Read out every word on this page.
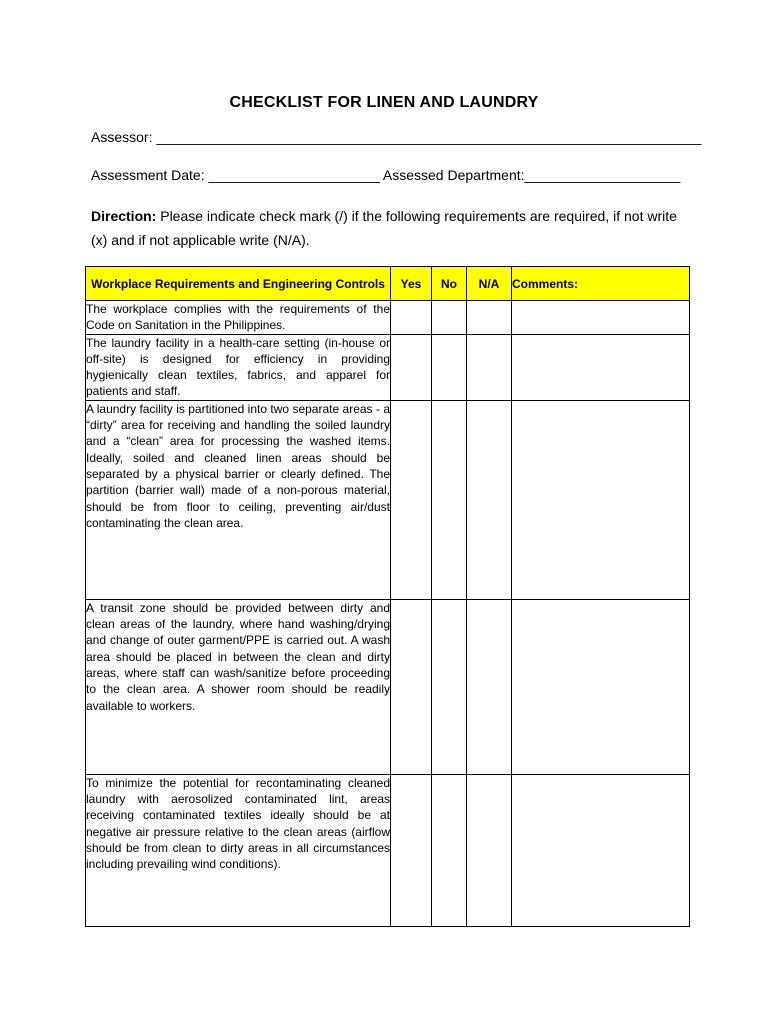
CHECKLIST FOR LINEN AND LAUNDRY
Assessor: ______________________________________________________________________
Assessment Date: ______________________ Assessed Department:____________________
Direction: Please indicate check mark (/) if the following requirements are required, if not write (x) and if not applicable write (N/A).
Workplace Requirements and Engineering Controls	Yes	No	N/A	Comments:
The workplace complies with the requirements of the Code on Sanitation in the Philippines.				
The laundry facility in a health-care setting (in-house or off-site) is designed for efficiency in providing hygienically clean textiles, fabrics, and apparel for patients and staff.				
A laundry facility is partitioned into two separate areas - a “dirty” area for receiving and handling the soiled laundry and a “clean” area for processing the washed items. Ideally, soiled and cleaned linen areas should be separated by a physical barrier or clearly defined. The partition (barrier wall) made of a non-porous material, should be from floor to ceiling, preventing air/dust contaminating the clean area.				
A transit zone should be provided between dirty and clean areas of the laundry, where hand washing/drying and change of outer garment/PPE is carried out. A wash area should be placed in between the clean and dirty areas, where staff can wash/sanitize before proceeding to the clean area. A shower room should be readily available to workers.				
To minimize the potential for recontaminating cleaned laundry with aerosolized contaminated lint, areas receiving contaminated textiles ideally should be at negative air pressure relative to the clean areas (airflow should be from clean to dirty areas in all circumstances including prevailing wind conditions).				
